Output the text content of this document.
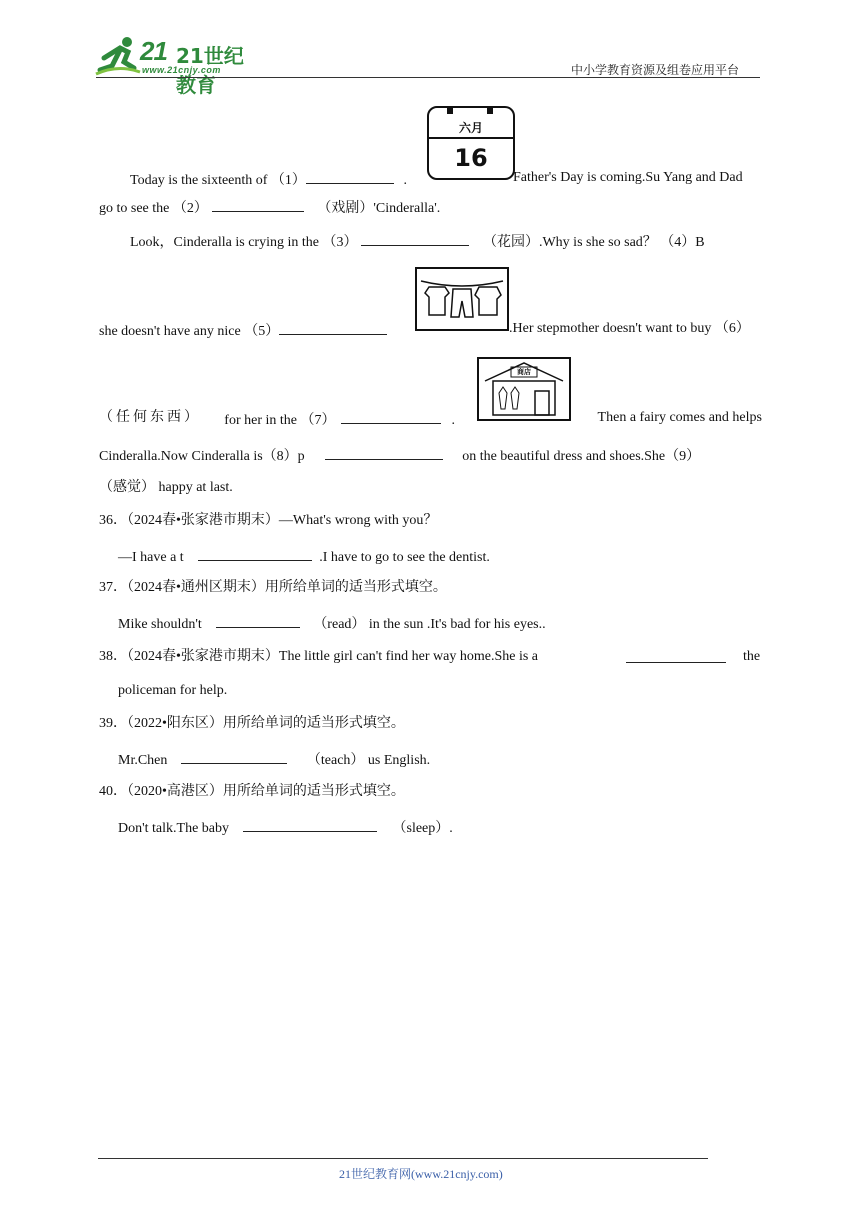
21 21世纪教育
www.21cnjy.com	中小学教育资源及组卷应用平台
六月
16
Today is the sixteenth of （1）	.	Father's Day is coming.Su Yang and Dad
go to see the （2）	（戏剧）'Cinderalla'.
Look，Cinderalla is crying in the （3）	（花园）.Why is she so sad？ （4）B
she doesn't have any nice （5）	.Her stepmother doesn't want to buy （6）
商店
（任何东西） for her in the （7）	.	Then a fairy comes and helps
Cinderalla.Now Cinderalla is（8）p	on the beautiful dress and shoes.She（9）
（感觉） happy at last.
36．（2024春•张家港市期末）—What's wrong with you？
—I have a t	.I have to go to see the dentist.
37．（2024春•通州区期末）用所给单词的适当形式填空。
Mike shouldn't	（read） in the sun .It's bad for his eyes..
38．（2024春•张家港市期末）The little girl can't find her way home.She is a	the
policeman for help.
39．（2022•阳东区）用所给单词的适当形式填空。
Mr.Chen	（teach） us English.
40．（2020•高港区）用所给单词的适当形式填空。
Don't talk.The baby	（sleep）.
21世纪教育网(www.21cnjy.com)
